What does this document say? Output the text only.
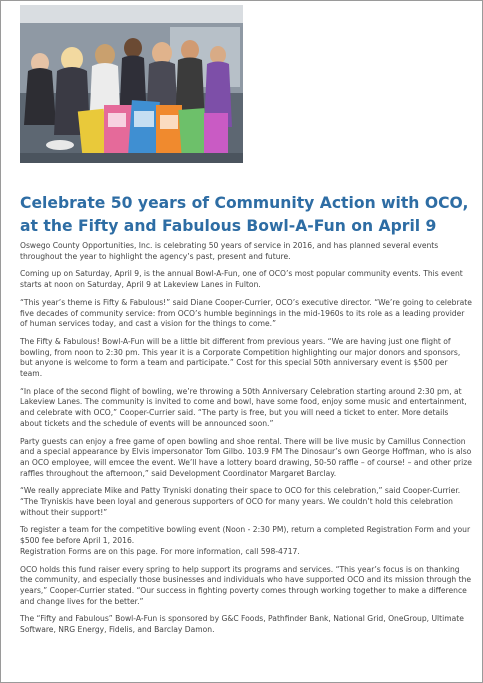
Celebrate 50 years of Community Action with OCO, at the Fifty and Fabulous Bowl-A-Fun on April 9

Oswego County Opportunities, Inc. is celebrating 50 years of service in 2016, and has planned several events throughout the year to highlight the agency’s past, present and future.

Coming up on Saturday, April 9, is the annual Bowl-A-Fun, one of OCO’s most popular community events. This event starts at noon on Saturday, April 9 at Lakeview Lanes in Fulton.

“This year’s theme is Fifty & Fabulous!” said Diane Cooper-Currier, OCO’s executive director. “We’re going to celebrate five decades of community service: from OCO’s humble beginnings in the mid-1960s to its role as a leading provider of human services today, and cast a vision for the things to come.”

The Fifty & Fabulous! Bowl-A-Fun will be a little bit different from previous years. “We are having just one flight of bowling, from noon to 2:30 pm. This year it is a Corporate Competition highlighting our major donors and sponsors, but anyone is welcome to form a team and participate.” Cost for this special 50th anniversary event is $500 per team.

“In place of the second flight of bowling, we’re throwing a 50th Anniversary Celebration starting around 2:30 pm, at Lakeview Lanes. The community is invited to come and bowl, have some food, enjoy some music and entertainment, and celebrate with OCO,” Cooper-Currier said. “The party is free, but you will need a ticket to enter. More details about tickets and the schedule of events will be announced soon.”

Party guests can enjoy a free game of open bowling and shoe rental. There will be live music by Camillus Connection and a special appearance by Elvis impersonator Tom Gilbo. 103.9 FM The Dinosaur’s own George Hoffman, who is also an OCO employee, will emcee the event. We’ll have a lottery board drawing, 50-50 raffle – of course! – and other prize raffles throughout the afternoon,” said Development Coordinator Margaret Barclay.

“We really appreciate Mike and Patty Tryniski donating their space to OCO for this celebration,” said Cooper-Currier. “The Tryniskis have been loyal and generous supporters of OCO for many years. We couldn’t hold this celebration without their support!”

To register a team for the competitive bowling event (Noon - 2:30 PM), return a completed Registration Form and your $500 fee before April 1, 2016.

Registration Forms are on this page. For more information, call 598-4717.

OCO holds this fund raiser every spring to help support its programs and services. “This year’s focus is on thanking the community, and especially those businesses and individuals who have supported OCO and its mission through the years,” Cooper-Currier stated. “Our success in fighting poverty comes through working together to make a difference and change lives for the better.”

The “Fifty and Fabulous” Bowl-A-Fun is sponsored by G&C Foods, Pathfinder Bank, National Grid, OneGroup, Ultimate Software, NRG Energy, Fidelis, and Barclay Damon.
